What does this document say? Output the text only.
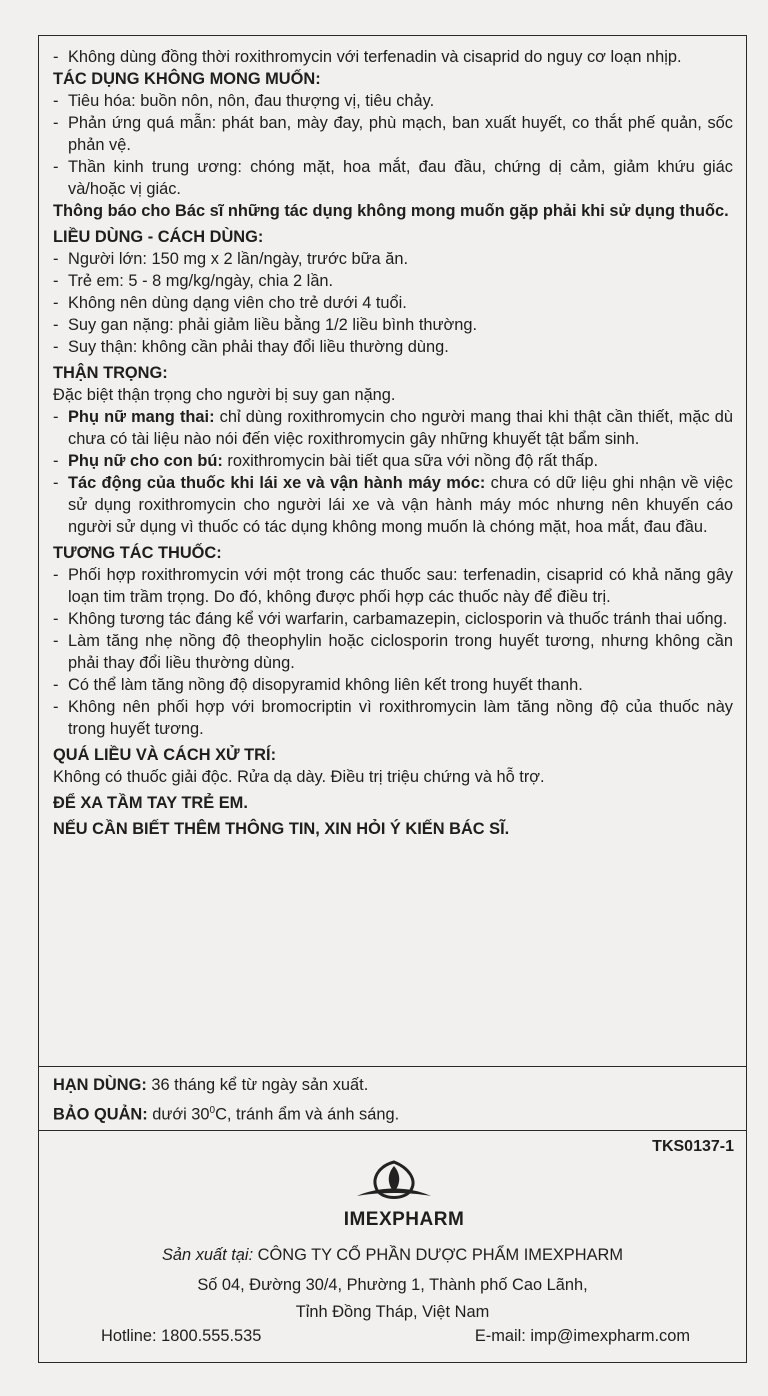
- Không dùng đồng thời roxithromycin với terfenadin và cisaprid do nguy cơ loạn nhịp.

TÁC DỤNG KHÔNG MONG MUỐN:

- Tiêu hóa: buồn nôn, nôn, đau thượng vị, tiêu chảy.

- Phản ứng quá mẫn: phát ban, mày đay, phù mạch, ban xuất huyết, co thắt phế quản, sốc phản vệ.

- Thần kinh trung ương: chóng mặt, hoa mắt, đau đầu, chứng dị cảm, giảm khứu giác và/hoặc vị giác.

Thông báo cho Bác sĩ những tác dụng không mong muốn gặp phải khi sử dụng thuốc.

LIỀU DÙNG - CÁCH DÙNG:

- Người lớn: 150 mg x 2 lần/ngày, trước bữa ăn.

- Trẻ em: 5 - 8 mg/kg/ngày, chia 2 lần.

- Không nên dùng dạng viên cho trẻ dưới 4 tuổi.

- Suy gan nặng: phải giảm liều bằng 1/2 liều bình thường.

- Suy thận: không cần phải thay đổi liều thường dùng.

THẬN TRỌNG:

Đặc biệt thận trọng cho người bị suy gan nặng.

- Phụ nữ mang thai: chỉ dùng roxithromycin cho người mang thai khi thật cần thiết, mặc dù chưa có tài liệu nào nói đến việc roxithromycin gây những khuyết tật bẩm sinh.

- Phụ nữ cho con bú: roxithromycin bài tiết qua sữa với nồng độ rất thấp.

- Tác động của thuốc khi lái xe và vận hành máy móc: chưa có dữ liệu ghi nhận về việc sử dụng roxithromycin cho người lái xe và vận hành máy móc nhưng nên khuyến cáo người sử dụng vì thuốc có tác dụng không mong muốn là chóng mặt, hoa mắt, đau đầu.

TƯƠNG TÁC THUỐC:

- Phối hợp roxithromycin với một trong các thuốc sau: terfenadin, cisaprid có khả năng gây loạn tim trầm trọng. Do đó, không được phối hợp các thuốc này để điều trị.

- Không tương tác đáng kể với warfarin, carbamazepin, ciclosporin và thuốc tránh thai uống.

- Làm tăng nhẹ nồng độ theophylin hoặc ciclosporin trong huyết tương, nhưng không cần phải thay đổi liều thường dùng.

- Có thể làm tăng nồng độ disopyramid không liên kết trong huyết thanh.

- Không nên phối hợp với bromocriptin vì roxithromycin làm tăng nồng độ của thuốc này trong huyết tương.

QUÁ LIỀU VÀ CÁCH XỬ TRÍ:

Không có thuốc giải độc. Rửa dạ dày. Điều trị triệu chứng và hỗ trợ.

ĐỂ XA TẦM TAY TRẺ EM.

NẾU CẦN BIẾT THÊM THÔNG TIN, XIN HỎI Ý KIẾN BÁC SĨ.

HẠN DÙNG: 36 tháng kể từ ngày sản xuất.

BẢO QUẢN: dưới $30^0C$, tránh ẩm và ánh sáng.

TKS0137-1
IMEXPHARM
Sản xuất tại: CÔNG TY CỔ PHẦN DƯỢC PHẨM IMEXPHARM
Số 04, Đường 30/4, Phường 1, Thành phố Cao Lãnh,
Tỉnh Đồng Tháp, Việt Nam
Hotline: 1800.555.535	E-mail: imp@imexpharm.com
